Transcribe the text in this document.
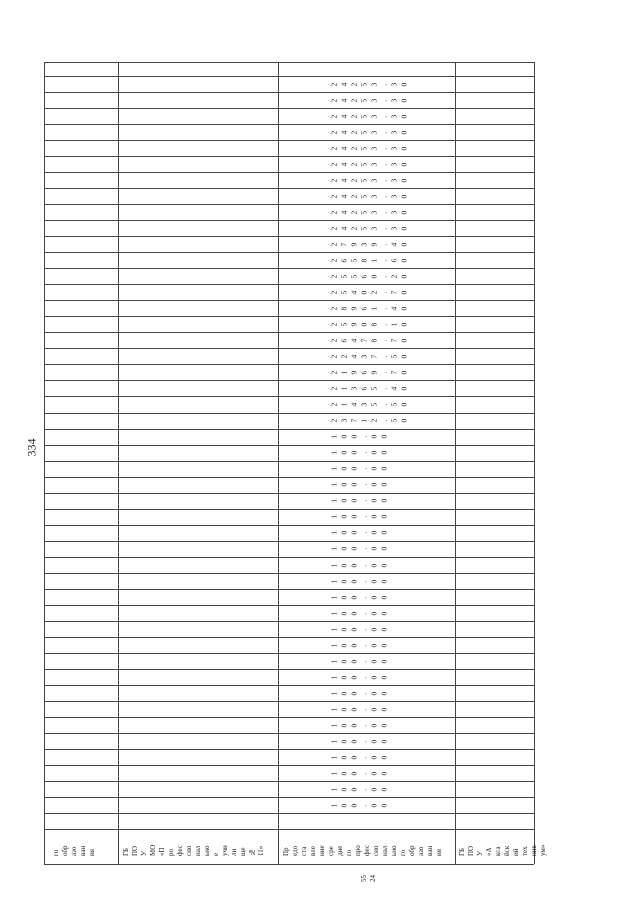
334
2 4 2 5 3 . 3 0
2 4 2 5 3 . 3 0
2 4 2 5 3 . 3 0
2 4 2 5 3 . 3 0
2 4 2 5 3 . 3 0
2 4 2 5 3 . 3 0
2 4 2 5 3 . 3 0
2 4 2 5 3 . 3 0
2 4 2 5 3 . 3 0
2 4 2 5 3 . 3 0
2 7 9 3 9 . 4 0
2 6 5 8 1 . 6 0
2 5 5 6 0 . 2 0
2 5 4 0 2 . 7 0
2 8 9 6 1 . 4 0
2 5 9 0 8 . 1 0
2 6 4 7 8 . 7 0
2 2 4 3 7 . 5 0
2 1 9 6 9 . 7 0
2 1 3 6 5 . 4 0
2 1 4 3 5 . 5 0
2 3 7 1 2 . 5 0
1 0 0 . 0 0
1 0 0 . 0 0
1 0 0 . 0 0
1 0 0 . 0 0
1 0 0 . 0 0
1 0 0 . 0 0
1 0 0 . 0 0
1 0 0 . 0 0
1 0 0 . 0 0
1 0 0 . 0 0
1 0 0 . 0 0
1 0 0 . 0 0
1 0 0 . 0 0
1 0 0 . 0 0
1 0 0 . 0 0
1 0 0 . 0 0
1 0 0 . 0 0
1 0 0 . 0 0
1 0 0 . 0 0
1 0 0 . 0 0
1 0 0 . 0 0
1 0 0 . 0 0
1 0 0 . 0 0
1 0 0 . 0 0
го обр азо ван ия	ГБ ПО У МО «П ро фес сио нал ьно е учи ли ще № 11» Пр едо ста вле ние сре дне го про фес сио нал ьно го обр азо ван ия
55 24
ГБ ПО У «А кса йск ий тех ник ум»
